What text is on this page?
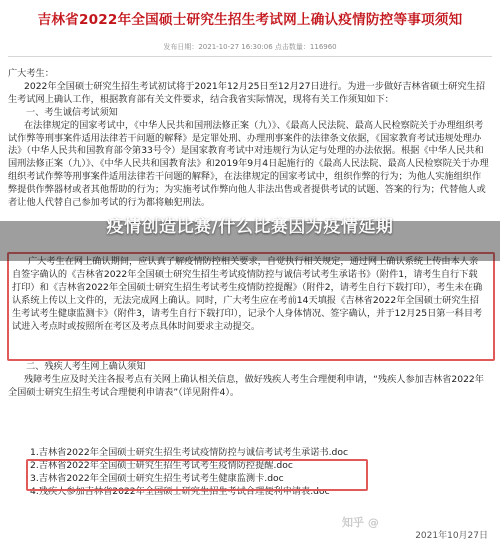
吉林省2022年全国硕士研究生招生考试网上确认疫情防控等事项须知
发布日期：2021-10-27 16:30:06 点击数量：116960

广大考生：

2022年全国硕士研究生招生考试初试将于2021年12月25日至12月27日进行。为进一步做好吉林省硕士研究生招生考试网上确认工作，根据教育部有关文件要求，结合我省实际情况，现将有关工作须知如下：

一、考生诚信考试须知

在法律规定的国家考试中，《中华人民共和国刑法修正案（九）》、《最高人民法院、最高人民检察院关于办理组织考试作弊等刑事案件适用法律若干问题的解释》是定罪处刑、办理刑事案件的法律条文依据，《国家教育考试违规处理办法》（中华人民共和国教育部令第33号令）是国家教育考试中对违规行为认定与处理的办法依据。根据《中华人民共和国刑法修正案（九）》、《中华人民共和国教育法》和2019年9月4日起施行的《最高人民法院、最高人民检察院关于办理组织考试作弊等刑事案件适用法律若干问题的解释》，在法律规定的国家考试中，组织作弊的行为；为他人实施组织作弊提供作弊器材或者其他帮助的行为；为实施考试作弊向他人非法出售或者提供考试的试题、答案的行为；代替他人或者让他人代替自己参加考试的行为都将触犯刑法。

广大考生在网上确认期间，应认真了解疫情防控相关要求，自觉执行相关规定，通过网上确认系统上传由本人亲自签字确认的《吉林省2022年全国硕士研究生招生考试疫情防控与诚信考试考生承诺书》（附件1，请考生自行下载打印）和《吉林省2022年全国硕士研究生招生考试考生疫情防控提醒》（附件2，请考生自行下载打印），考生未在确认系统上传以上文件的，无法完成网上确认。同时，广大考生应在考前14天填报《吉林省2022年全国硕士研究生招生考试考生健康监测卡》（附件3，请考生自行下载打印），记录个人身体情况、签字确认，并于12月25日第一科目考试进入考点时或按照所在考区及考点具体时间要求主动提交。

二、残疾人考生网上确认须知

残障考生应及时关注各报考点有关网上确认相关信息，做好残疾人考生合理便利申请，“残疾人参加吉林省2022年全国硕士研究生招生考试合理便利申请表”（详见附件4）。

1.吉林省2022年全国硕士研究生招生考试疫情防控与诚信考试考生承诺书.doc

2.吉林省2022年全国硕士研究生招生考试考生疫情防控提醒.doc

3.吉林省2022年全国硕士研究生招生考试考生健康监测卡.doc

4.残疾人参加吉林省2022年全国硕士研究生招生考试合理便利申请表.doc

疫情创造比赛/什么比赛因为疫情延期
知乎 @
2021年10月27日
